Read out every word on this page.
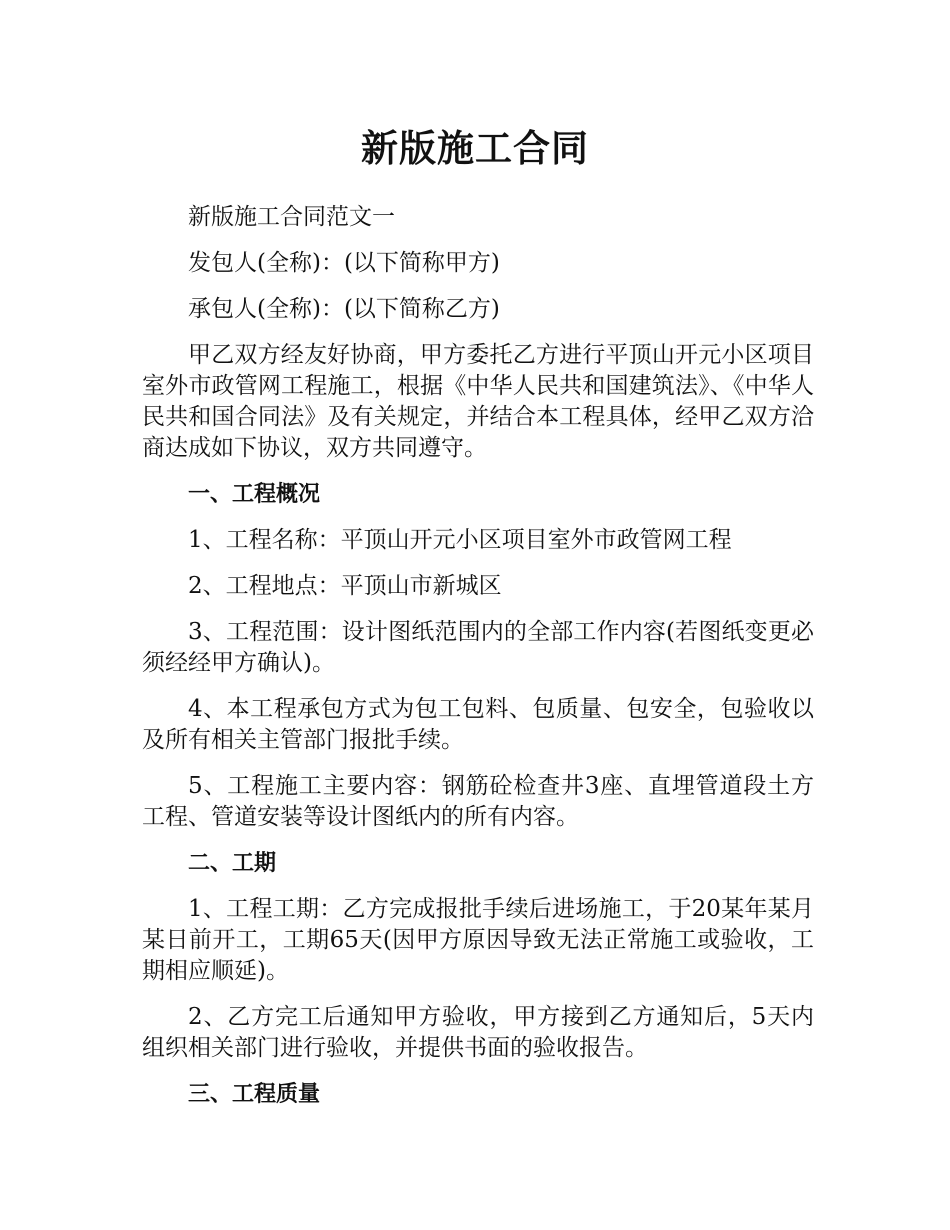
新版施工合同

新版施工合同范文一

发包人(全称)：(以下简称甲方)

承包人(全称)：(以下简称乙方)

甲乙双方经友好协商，甲方委托乙方进行平顶山开元小区项目室外市政管网工程施工，根据《中华人民共和国建筑法》、《中华人民共和国合同法》及有关规定，并结合本工程具体，经甲乙双方洽商达成如下协议，双方共同遵守。

一、工程概况

1、工程名称：平顶山开元小区项目室外市政管网工程

2、工程地点：平顶山市新城区

3、工程范围：设计图纸范围内的全部工作内容(若图纸变更必须经经甲方确认)。

4、本工程承包方式为包工包料、包质量、包安全，包验收以及所有相关主管部门报批手续。

5、工程施工主要内容：钢筋砼检查井3座、直埋管道段土方工程、管道安装等设计图纸内的所有内容。

二、工期

1、工程工期：乙方完成报批手续后进场施工，于20某年某月某日前开工，工期65天(因甲方原因导致无法正常施工或验收，工期相应顺延)。

2、乙方完工后通知甲方验收，甲方接到乙方通知后，5天内组织相关部门进行验收，并提供书面的验收报告。

三、工程质量
